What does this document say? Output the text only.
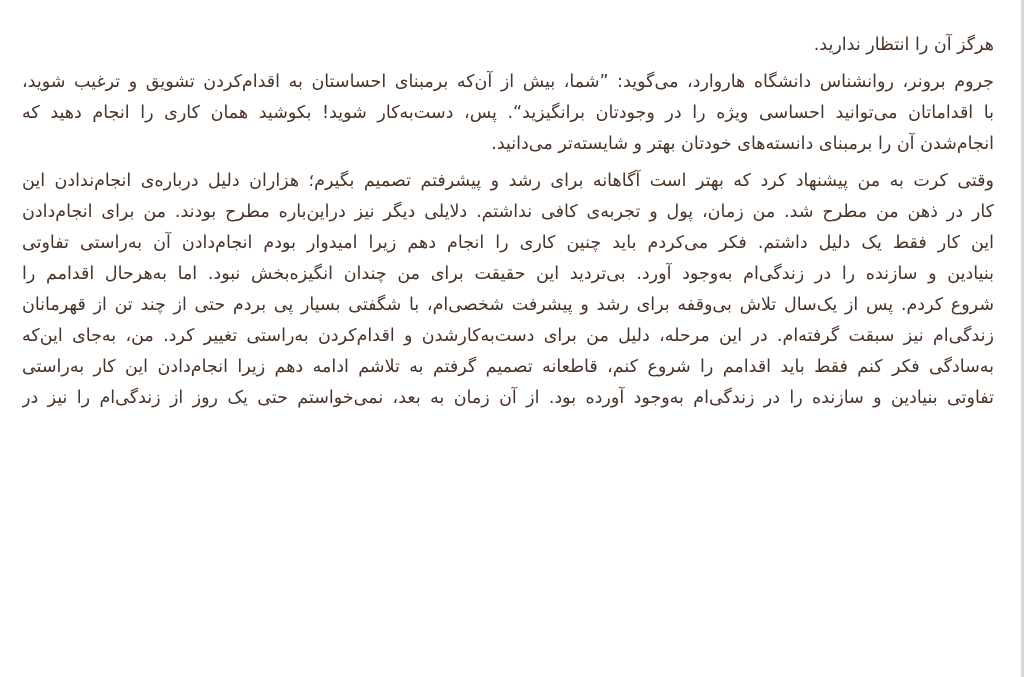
هرگز آن را انتظار ندارید.
جروم برونر، روانشناس دانشگاه هاروارد، می‌گوید: ”شما، بیش از آن‌که برمبنای احساستان به اقدام‌کردن تشویق و ترغیب شوید،
با اقداماتان می‌توانید احساسی ویژه را در وجودتان برانگیزید“. پس، دست‌به‌کار شوید! بکوشید همان کاری را انجام دهید که
انجام‌شدن آن را برمبنای دانسته‌های خودتان بهتر و شایسته‌تر می‌دانید.
وقتی کرت به من پیشنهاد کرد که بهتر است آگاهانه برای رشد و پیشرفتم تصمیم بگیرم؛ هزاران دلیل درباره‌ی انجام‌ندادن این
کار در ذهن من مطرح شد. من زمان، پول و تجربه‌ی کافی نداشتم. دلایلی دیگر نیز دراین‌باره مطرح بودند. من برای انجام‌دادن
این کار فقط یک دلیل داشتم. فکر می‌کردم باید چنین کاری را انجام دهم زیرا امیدوار بودم انجام‌دادن آن به‌راستی تفاوتی
بنیادین و سازنده را در زندگی‌ام به‌وجود آورد. بی‌تردید این حقیقت برای من چندان انگیزه‌بخش نبود. اما به‌هرحال اقدامم را
شروع کردم. پس از یک‌سال تلاش بی‌وقفه برای رشد و پیشرفت شخصی‌ام، با شگفتی بسیار پی بردم حتی از چند تن از قهرمانان
زندگی‌ام نیز سبقت گرفته‌ام. در این مرحله، دلیل من برای دست‌به‌کارشدن و اقدام‌کردن به‌راستی تغییر کرد. من، به‌جای این‌که
به‌سادگی فکر کنم فقط باید اقدامم را شروع کنم، قاطعانه تصمیم گرفتم به تلاشم ادامه دهم زیرا انجام‌دادن این کار به‌راستی
تفاوتی بنیادین و سازنده را در زندگی‌ام به‌وجود آورده بود. از آن زمان به بعد، نمی‌خواستم حتی یک روز از زندگی‌ام را نیز در
